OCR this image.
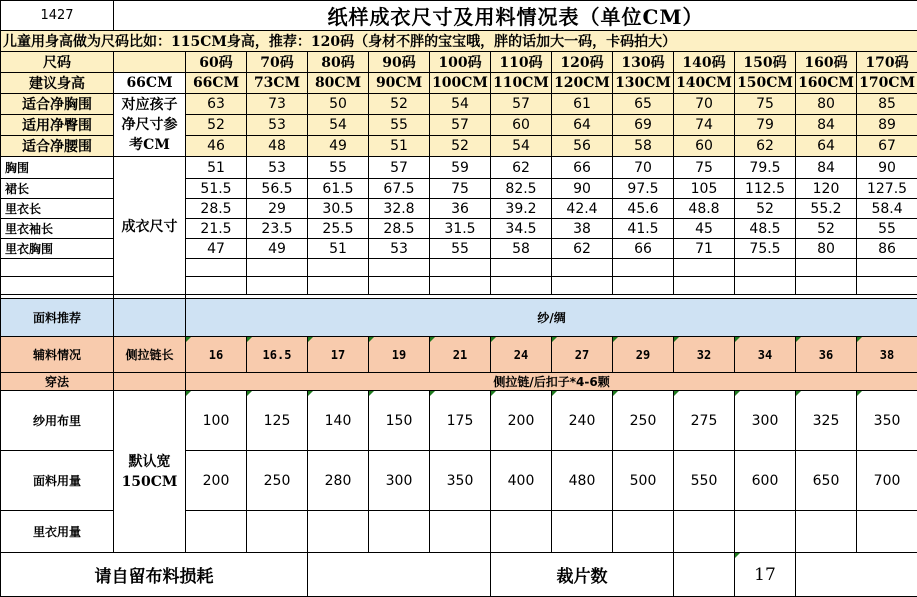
1427	纸样成衣尺寸及用料情况表（单位CM）												
儿童用身高做为尺码比如：115CM身高，推荐：120码（身材不胖的宝宝哦，胖的话加大一码，卡码拍大）													
尺码		60码	70码	80码	90码	100码	110码	120码	130码	140码	150码	160码	170码
建议身高	66CM	66CM	73CM	80CM	90CM	100CM	110CM	120CM	130CM	140CM	150CM	160CM	170CM
适合净胸围	对应孩子净尺寸参考CM	63	73	50	52	54	57	61	65	70	75	80	85
适用净臀围		52	53	54	55	57	60	64	69	74	79	84	89
适合净腰围		46	48	49	51	52	54	56	58	60	62	64	67
胸围	成衣尺寸	51	53	55	57	59	62	66	70	75	79.5	84	90
裙长		51.5	56.5	61.5	67.5	75	82.5	90	97.5	105	112.5	120	127.5
里衣长		28.5	29	30.5	32.8	36	39.2	42.4	45.6	48.8	52	55.2	58.4
里衣袖长		21.5	23.5	25.5	28.5	31.5	34.5	38	41.5	45	48.5	52	55
里衣胸围		47	49	51	53	55	58	62	66	71	75.5	80	86

面料推荐		纱/绸											
辅料情况	侧拉链长	16	16.5	17	19	21	24	27	29	32	34	36	38
穿法		侧拉链/后扣子*4-6颗											
纱用布里	默认宽150CM	100	125	140	150	175	200	240	250	275	300	325	350
面料用量		200	250	280	300	350	400	480	500	550	600	650	700
里衣用量													
请自留布料损耗							裁片数				17		
